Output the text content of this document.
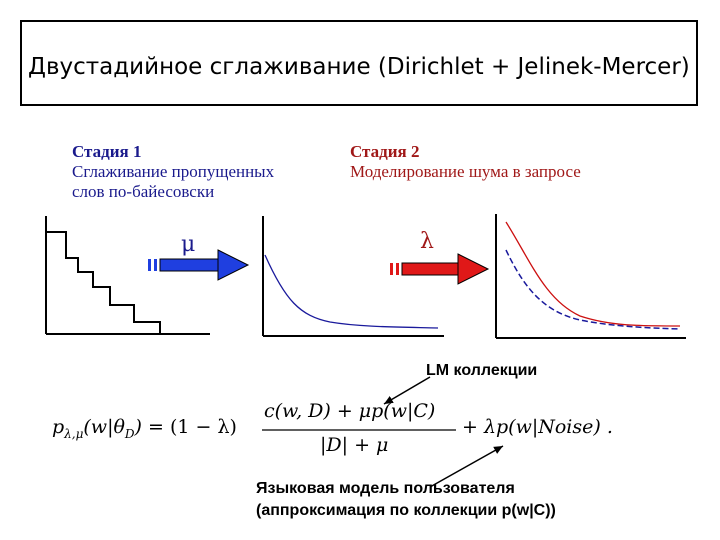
Двустадийное сглаживание (Dirichlet + Jelinek-Mercer)
Стадия 1
Сглаживание пропущенных
слов по-байесовски
Стадия 2
Моделирование шума в запросе
μ	λ
LM коллекции
$p_{\lambda,\mu}(w|\theta_D) = (1 - \lambda)$
c(w, D) + μp(w|C)
|D| + μ
+ λp(w|Noise) .
Языковая модель пользователя
(аппроксимация по коллекции p(w|C))
